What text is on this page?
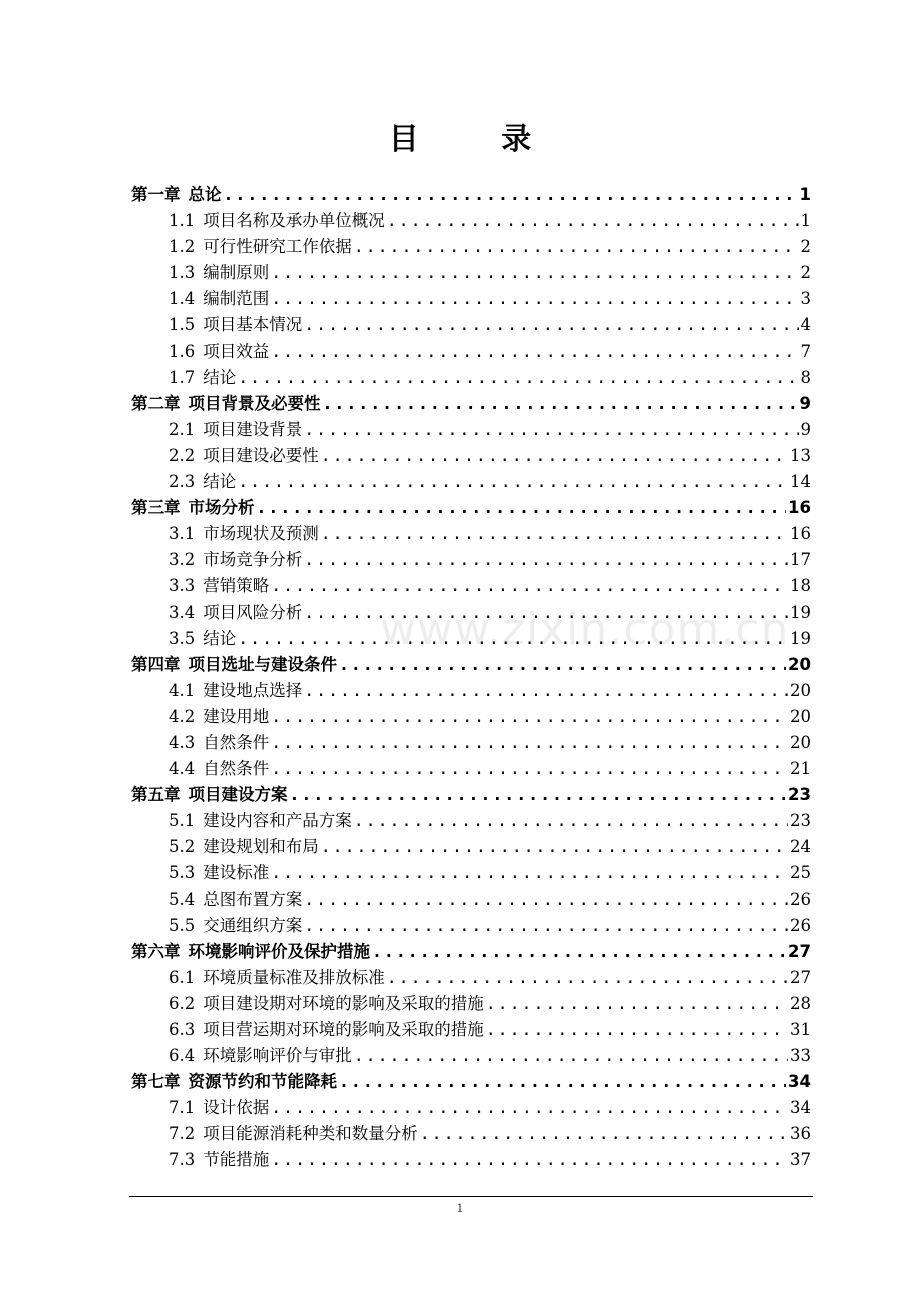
目 录
第一章 总论 .....	1
1.1 项目名称及承办单位概况 .....	1
1.2 可行性研究工作依据 .....	2
1.3 编制原则 .....	2
1.4 编制范围 .....	3
1.5 项目基本情况 .....	4
1.6 项目效益 .....	7
1.7 结论 .....	8
第二章 项目背景及必要性 .....	9
2.1 项目建设背景 .....	9
2.2 项目建设必要性 .....	13
2.3 结论 .....	14
第三章 市场分析 .....	16
3.1 市场现状及预测 .....	16
3.2 市场竞争分析 .....	17
3.3 营销策略 .....	18
3.4 项目风险分析 .....	19
3.5 结论 .....	19
第四章 项目选址与建设条件 .....	20
4.1 建设地点选择 .....	20
4.2 建设用地 .....	20
4.3 自然条件 .....	20
4.4 自然条件 .....	21
第五章 项目建设方案 .....	23
5.1 建设内容和产品方案 .....	23
5.2 建设规划和布局 .....	24
5.3 建设标准 .....	25
5.4 总图布置方案 .....	26
5.5 交通组织方案 .....	26
第六章 环境影响评价及保护措施 .....	27
6.1 环境质量标准及排放标准 .....	27
6.2 项目建设期对环境的影响及采取的措施 .....	28
6.3 项目营运期对环境的影响及采取的措施 .....	31
6.4 环境影响评价与审批 .....	33
第七章 资源节约和节能降耗 .....	34
7.1 设计依据 .....	34
7.2 项目能源消耗种类和数量分析 .....	36
7.3 节能措施 .....	37
www.zixin.com.cn
1
